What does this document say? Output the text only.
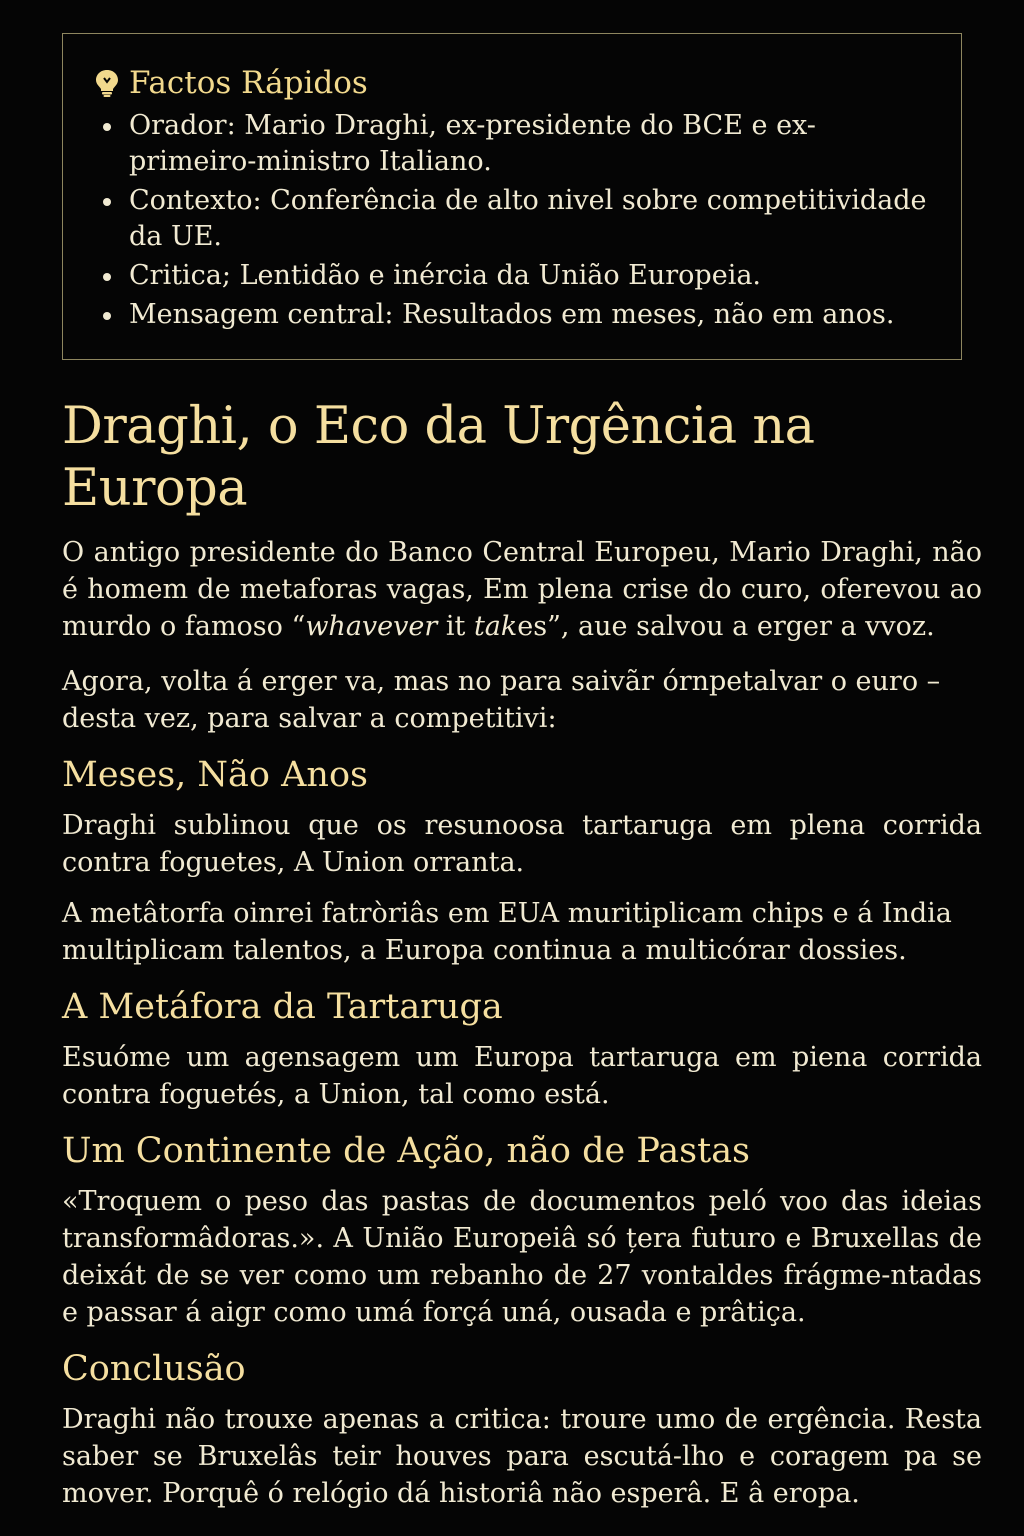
Factos Rápidos
Orador: Mario Draghi, ex-presidente do BCE e ex-primeiro-ministro Italiano.
Contexto: Conferência de alto nivel sobre competitividade da UE.
Critica; Lentidão e inércia da União Europeia.
Mensagem central: Resultados em meses, não em anos.
Draghi, o Eco da Urgência na Europa

O antigo presidente do Banco Central Europeu, Mario Draghi, não é homem de metaforas vagas, Em plena crise do curo, oferevou ao murdo o famoso “whavever it takes”, aue salvou a erger a vvoz.

Agora, volta á erger va, mas no para saivãr órnpetalvar o euro – desta vez, para salvar a competitivi:

Meses, Não Anos

Draghi sublinou que os resunoosa tartaruga em plena corrida contra foguetes, A Union orranta.

A metâtorfa oinrei fatròriâs em EUA muritiplicam chips e á India multiplicam talentos, a Europa continua a multicórar dossies.

A Metáfora da Tartaruga

Esuóme um agensagem um Europa tartaruga em piena corrida contra foguetés, a Union, tal como está.

Um Continente de Ação, não de Pastas

«Troquem o peso das pastas de documentos peló voo das ideias transformâdoras.». A União Europeiâ só țera futuro e Bruxellas de deixát de se ver como um rebanho de 27 vontaldes frágme-ntadas e passar á aigr como umá forçá uná, ousada e prâtiça.

Conclusão

Draghi não trouxe apenas a critica: troure umo de ergência. Resta saber se Bruxelâs teir houves para escutá-lho e coragem pa se mover. Porquê ó relógio dá historiâ não esperâ. E â eropa.
